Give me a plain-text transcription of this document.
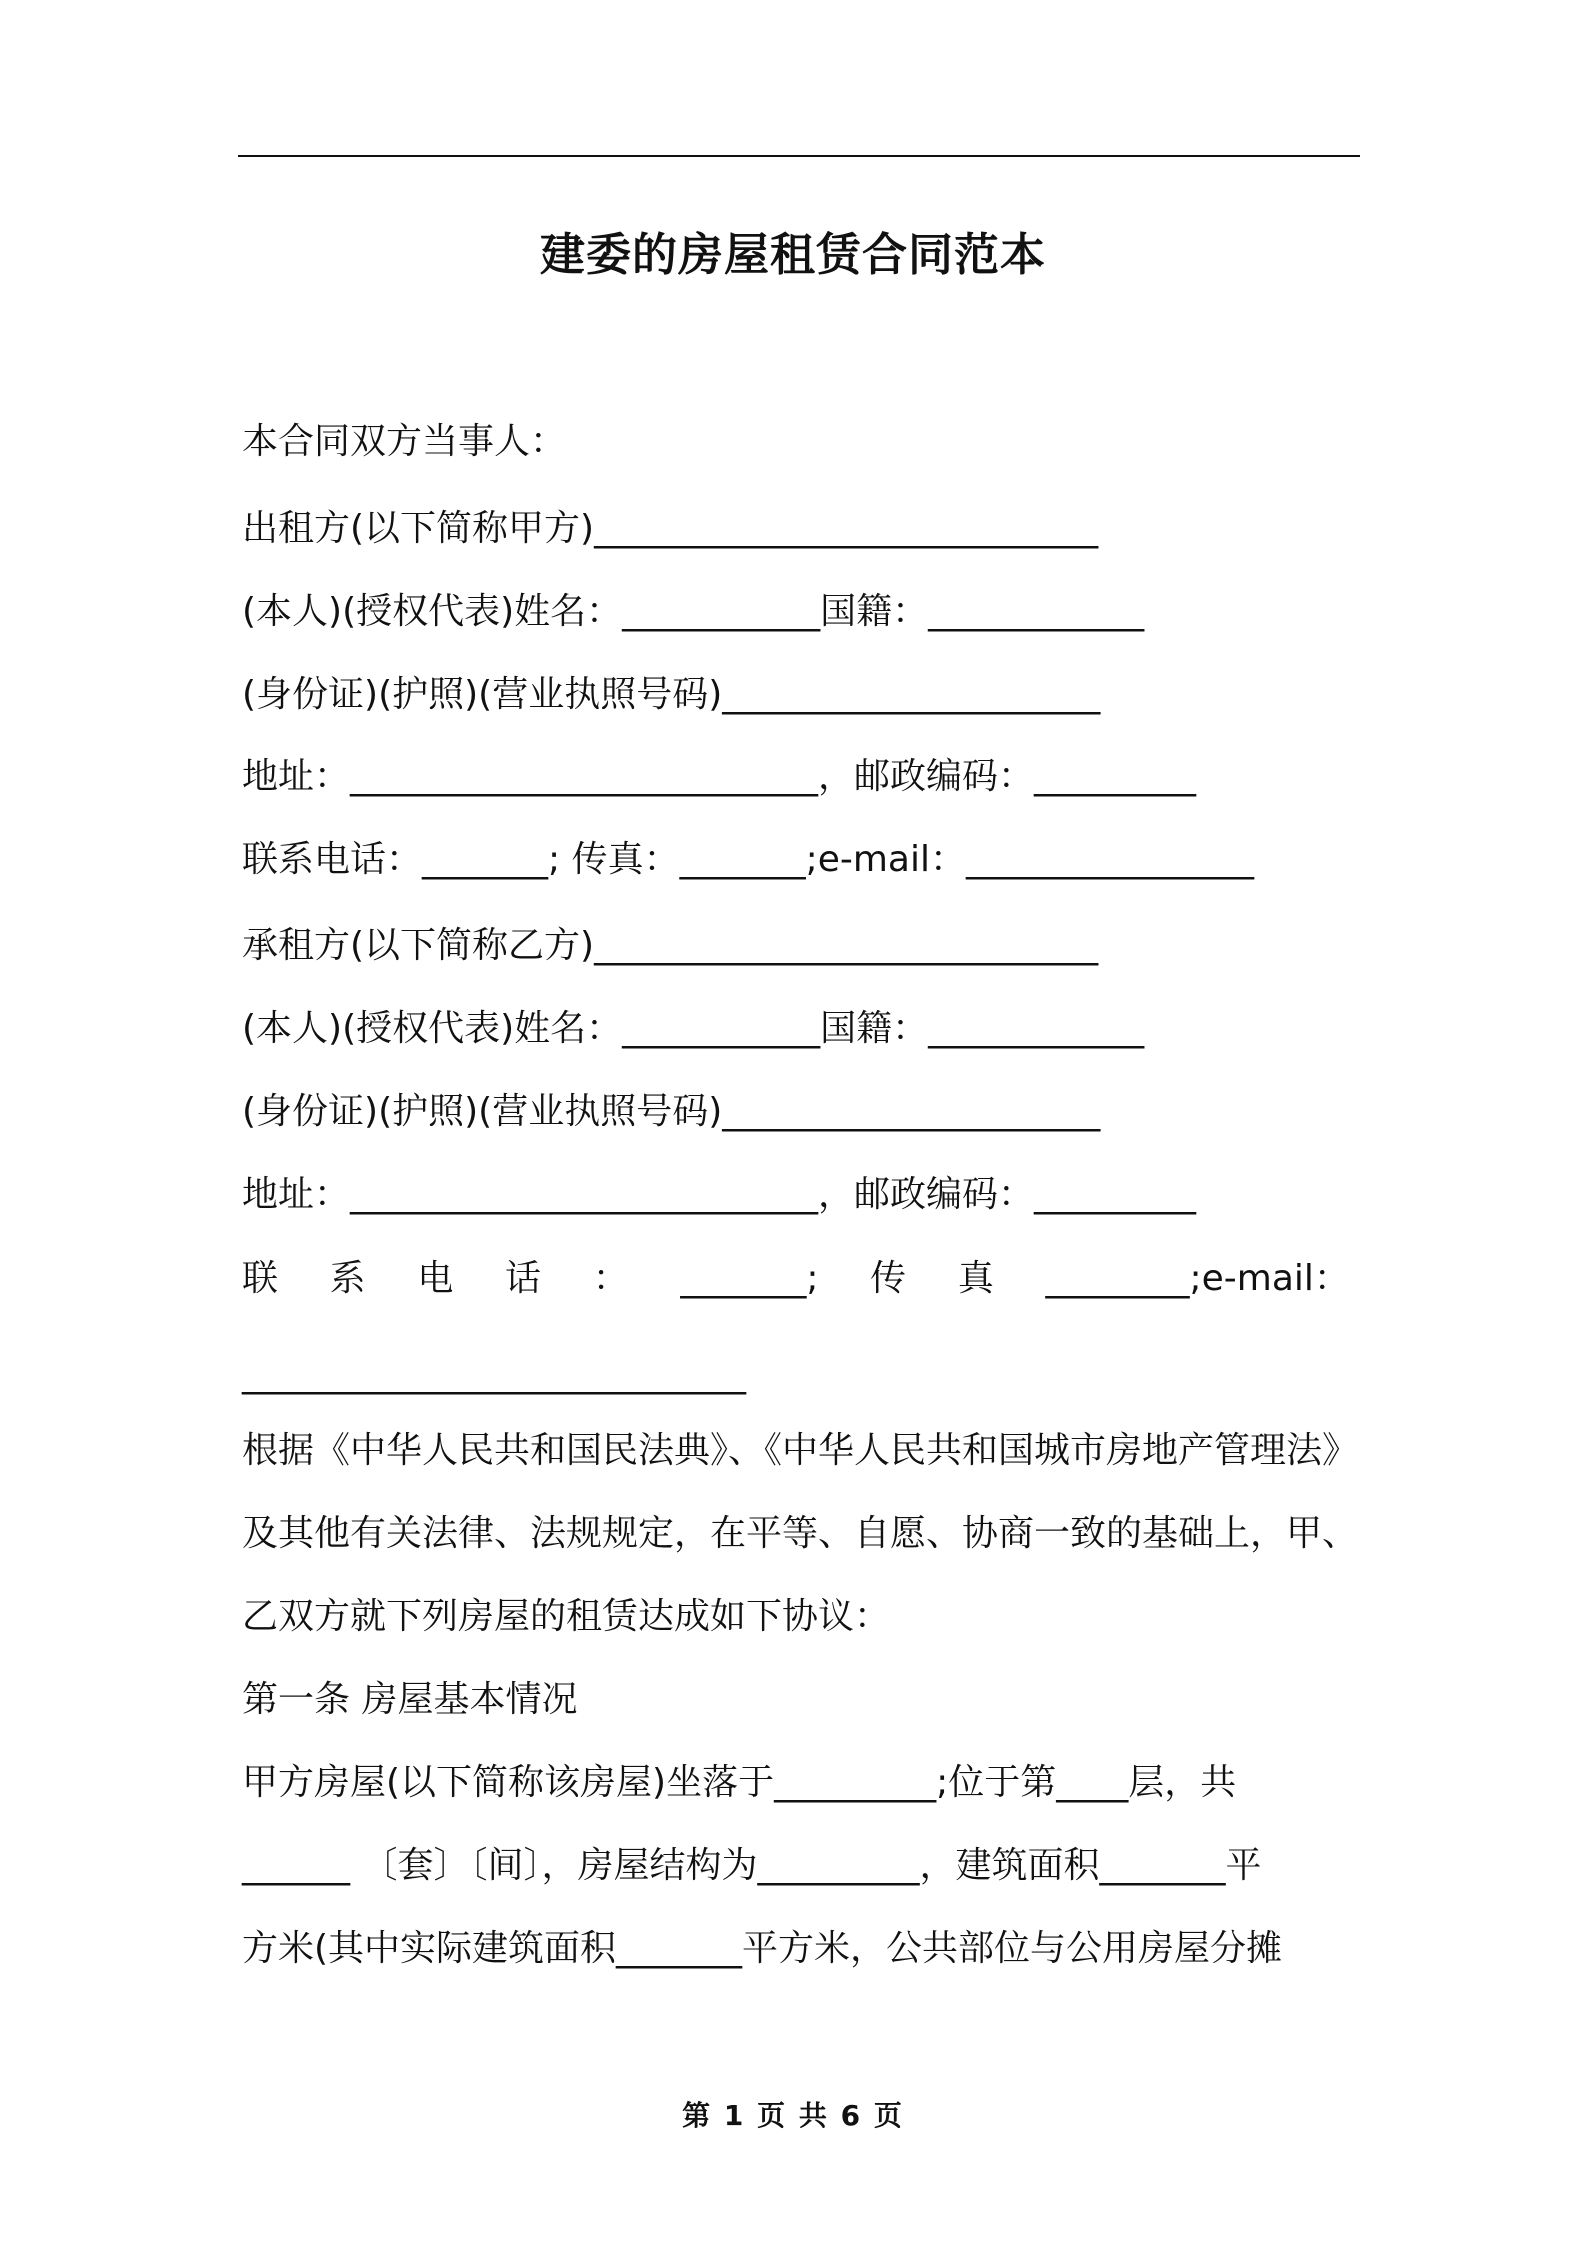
建委的房屋租赁合同范本
本合同双方当事人：
出租方(以下简称甲方)____________________________
(本人)(授权代表)姓名：___________国籍：____________
(身份证)(护照)(营业执照号码)_____________________
地址：__________________________，邮政编码：_________
联系电话：_______; 传真：_______;e-mail：________________
承租方(以下简称乙方)____________________________
(本人)(授权代表)姓名：___________国籍：____________
(身份证)(护照)(营业执照号码)_____________________
地址：__________________________，邮政编码：_________
联 系 电 话 ： _______; 传 真 ________;e-mail：
____________________________
根据《中华人民共和国民法典》、《中华人民共和国城市房地产管理法》
及其他有关法律、法规规定，在平等、自愿、协商一致的基础上，甲、
乙双方就下列房屋的租赁达成如下协议：
第一条 房屋基本情况
甲方房屋(以下简称该房屋)坐落于_________;位于第____层，共
______ 〔套〕〔间〕，房屋结构为_________，建筑面积_______平
方米(其中实际建筑面积_______平方米，公共部位与公用房屋分摊
第 1 页 共 6 页
